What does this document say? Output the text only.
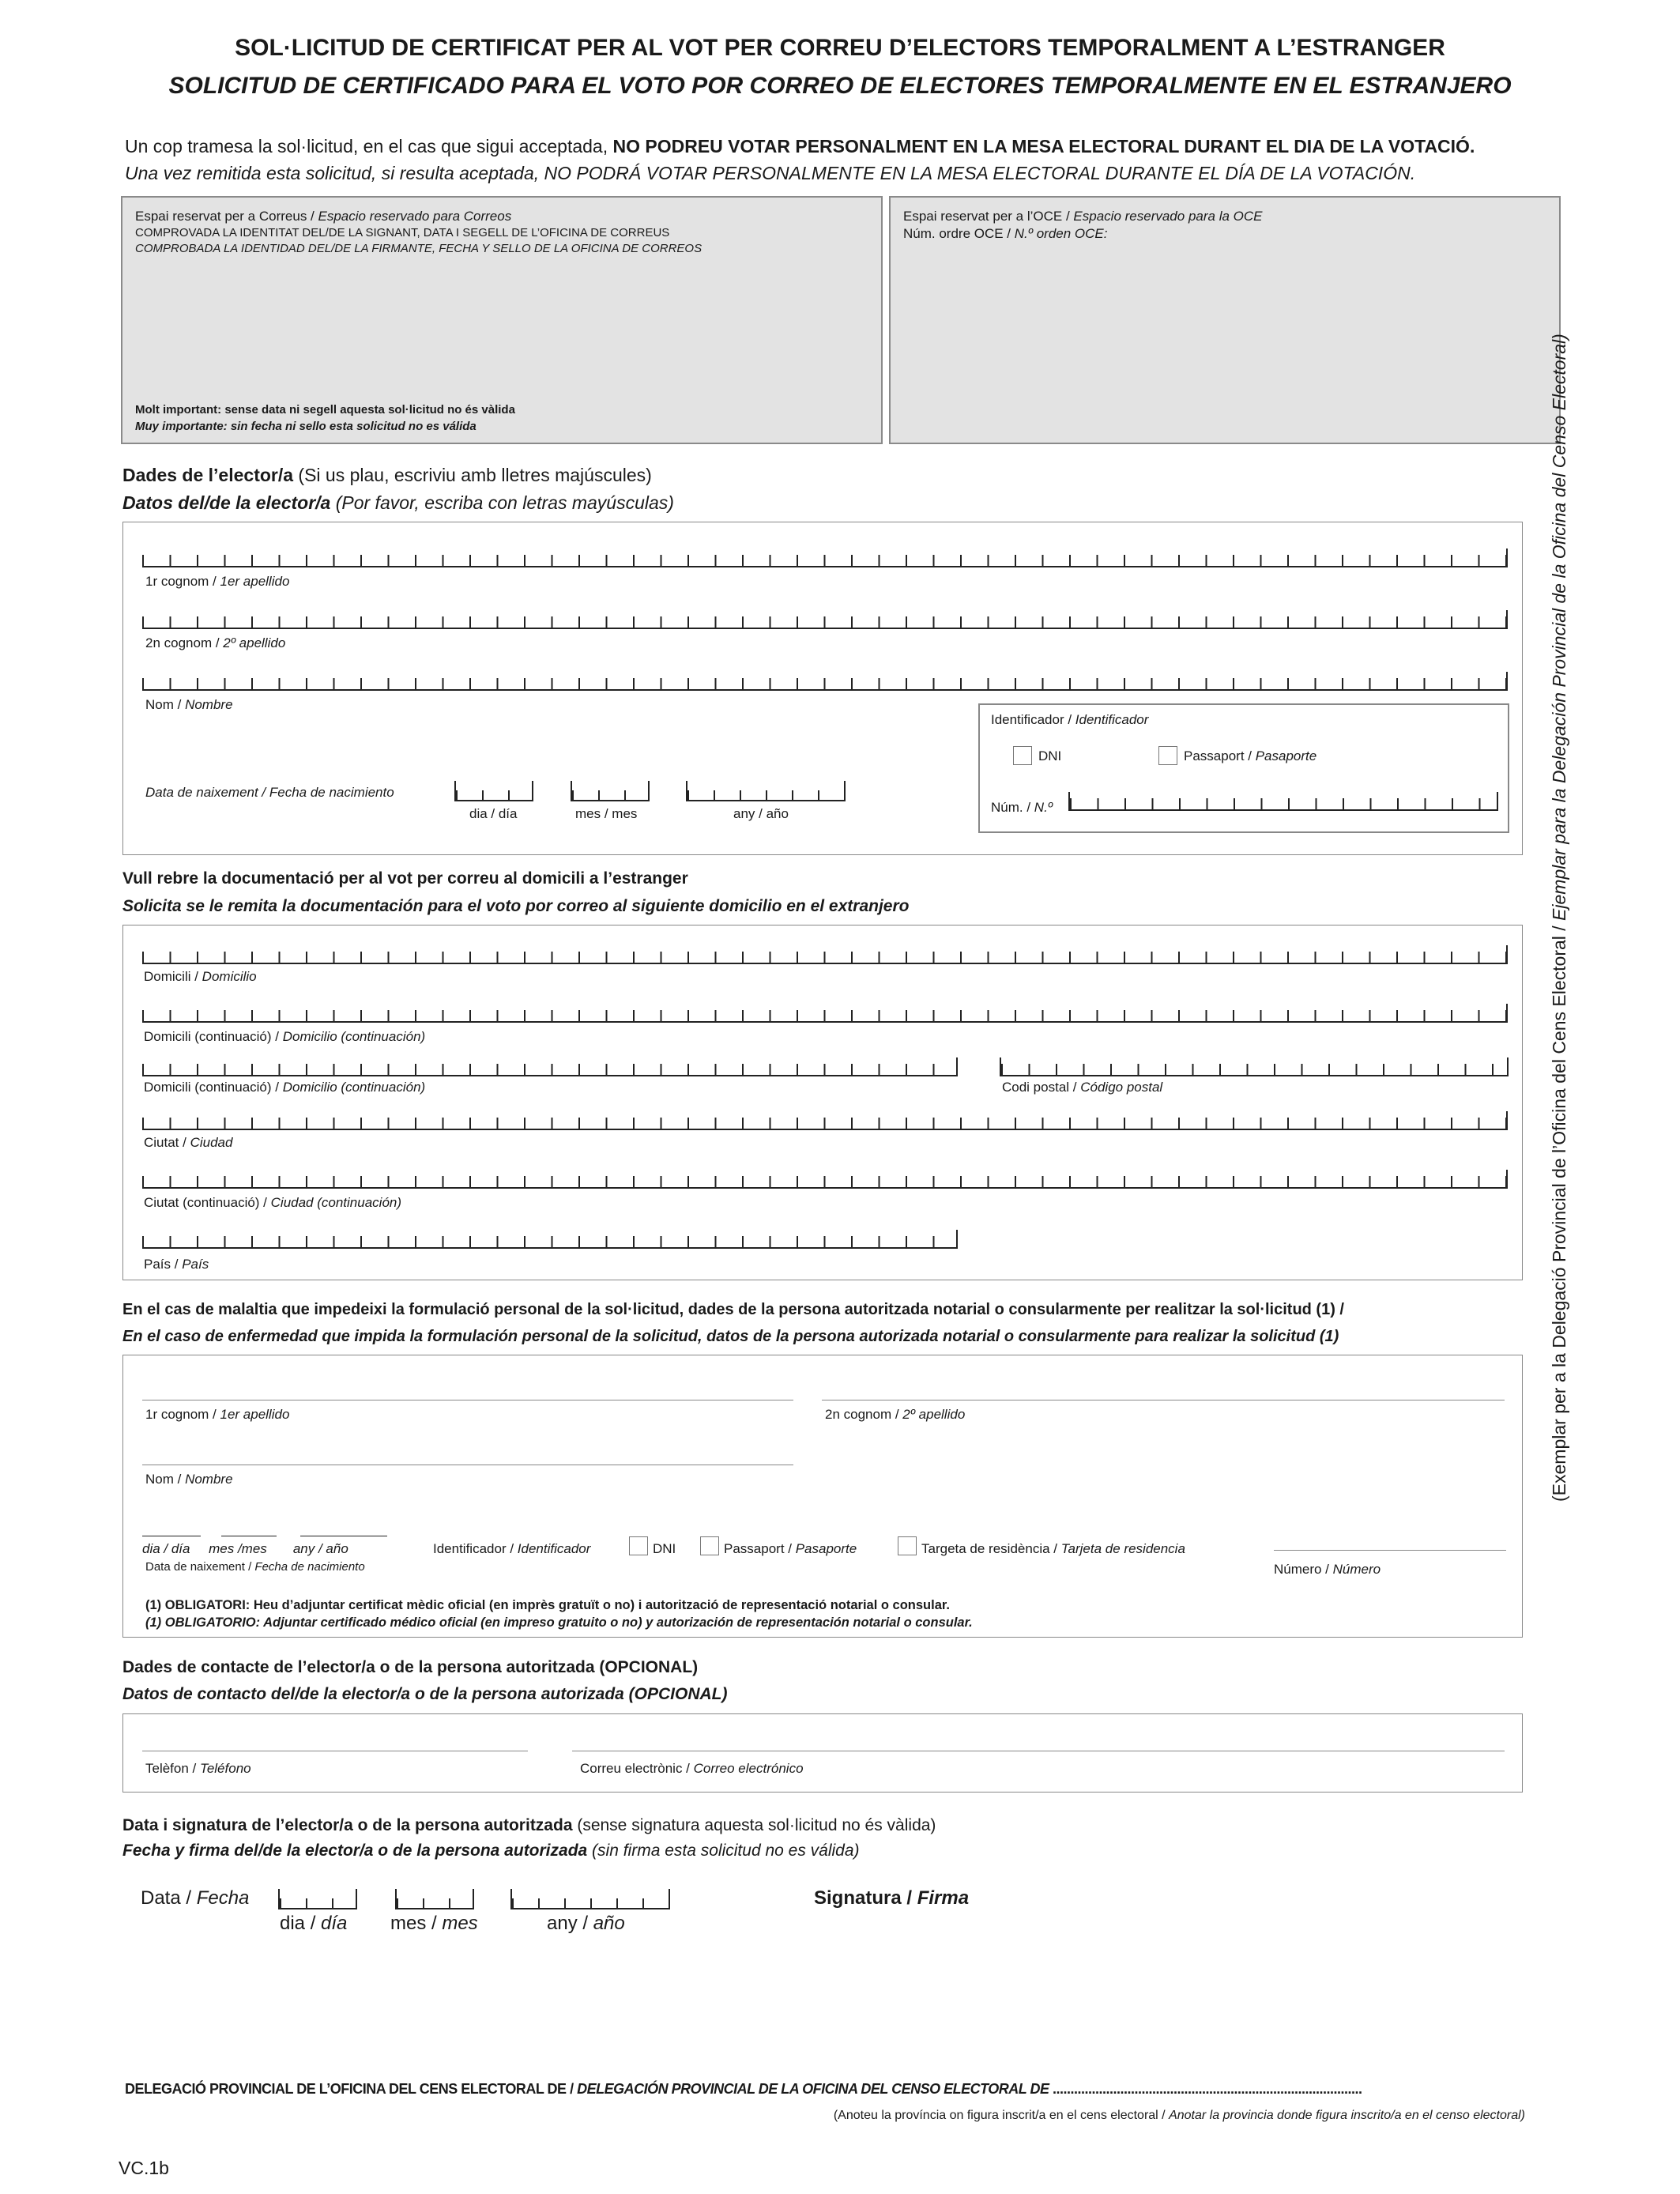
SOL·LICITUD DE CERTIFICAT PER AL VOT PER CORREU D’ELECTORS TEMPORALMENT A L’ESTRANGER
SOLICITUD DE CERTIFICADO PARA EL VOTO POR CORREO DE ELECTORES TEMPORALMENTE EN EL ESTRANJERO
Un cop tramesa la sol·licitud, en el cas que sigui acceptada, NO PODREU VOTAR PERSONALMENT EN LA MESA ELECTORAL DURANT EL DIA DE LA VOTACIÓ.
Una vez remitida esta solicitud, si resulta aceptada, NO PODRÁ VOTAR PERSONALMENTE EN LA MESA ELECTORAL DURANTE EL DÍA DE LA VOTACIÓN.
Espai reservat per a Correus / Espacio reservado para Correos
COMPROVADA LA IDENTITAT DEL/DE LA SIGNANT, DATA I SEGELL DE L’OFICINA DE CORREUS
COMPROBADA LA IDENTIDAD DEL/DE LA FIRMANTE, FECHA Y SELLO DE LA OFICINA DE CORREOS
Molt important: sense data ni segell aquesta sol·licitud no és vàlida
Muy importante: sin fecha ni sello esta solicitud no es válida
Espai reservat per a l’OCE / Espacio reservado para la OCE
Núm. ordre OCE / N.º orden OCE:
Dades de l’elector/a (Si us plau, escriviu amb lletres majúscules)
Datos del/de la elector/a (Por favor, escriba con letras mayúsculas)
1r cognom / 1er apellido
2n cognom / 2º apellido
Nom / Nombre
Data de naixement / Fecha de nacimiento
dia / día	mes / mes	any / año
Identificador / Identificador
DNI	Passaport / Pasaporte
Núm. / N.º
Vull rebre la documentació per al vot per correu al domicili a l’estranger
Solicita se le remita la documentación para el voto por correo al siguiente domicilio en el extranjero
Domicili / Domicilio
Domicili (continuació) / Domicilio (continuación)
Domicili (continuació) / Domicilio (continuación)	Codi postal / Código postal
Ciutat / Ciudad
Ciutat (continuació) / Ciudad (continuación)
País / País
En el cas de malaltia que impedeixi la formulació personal de la sol·licitud, dades de la persona autoritzada notarial o consularmente per realitzar la sol·licitud (1) /
En el caso de enfermedad que impida la formulación personal de la solicitud, datos de la persona autorizada notarial o consularmente para realizar la solicitud (1)
1r cognom / 1er apellido	2n cognom / 2º apellido
Nom / Nombre
dia / día     mes /mes       any / año
Data de naixement / Fecha de nacimiento
Identificador / Identificador	DNI	Passaport / Pasaporte	Targeta de residència / Tarjeta de residencia
Número / Número
(1) OBLIGATORI: Heu d’adjuntar certificat mèdic oficial (en imprès gratuït o no) i autorització de representació notarial o consular.
(1) OBLIGATORIO: Adjuntar certificado médico oficial (en impreso gratuito o no) y autorización de representación notarial o consular.
Dades de contacte de l’elector/a o de la persona autoritzada (OPCIONAL)
Datos de contacto del/de la elector/a o de la persona autorizada (OPCIONAL)
Telèfon / Teléfono	Correu electrònic / Correo electrónico
Data i signatura de l’elector/a o de la persona autoritzada (sense signatura aquesta sol·licitud no és vàlida)
Fecha y firma del/de la elector/a o de la persona autorizada (sin firma esta solicitud no es válida)
Data / Fecha
dia / día mes / mes	any / año
Signatura / Firma
(Exemplar per a la Delegació Provincial de l’Oficina del Cens Electoral / Ejemplar para la Delegación Provincial de la Oficina del Censo Electoral)
DELEGACIÓ PROVINCIAL DE L’OFICINA DEL CENS ELECTORAL DE / DELEGACIÓN PROVINCIAL DE LA OFICINA DEL CENSO ELECTORAL DE .......................................................................................
(Anoteu la província on figura inscrit/a en el cens electoral / Anotar la provincia donde figura inscrito/a en el censo electoral)
VC.1b
